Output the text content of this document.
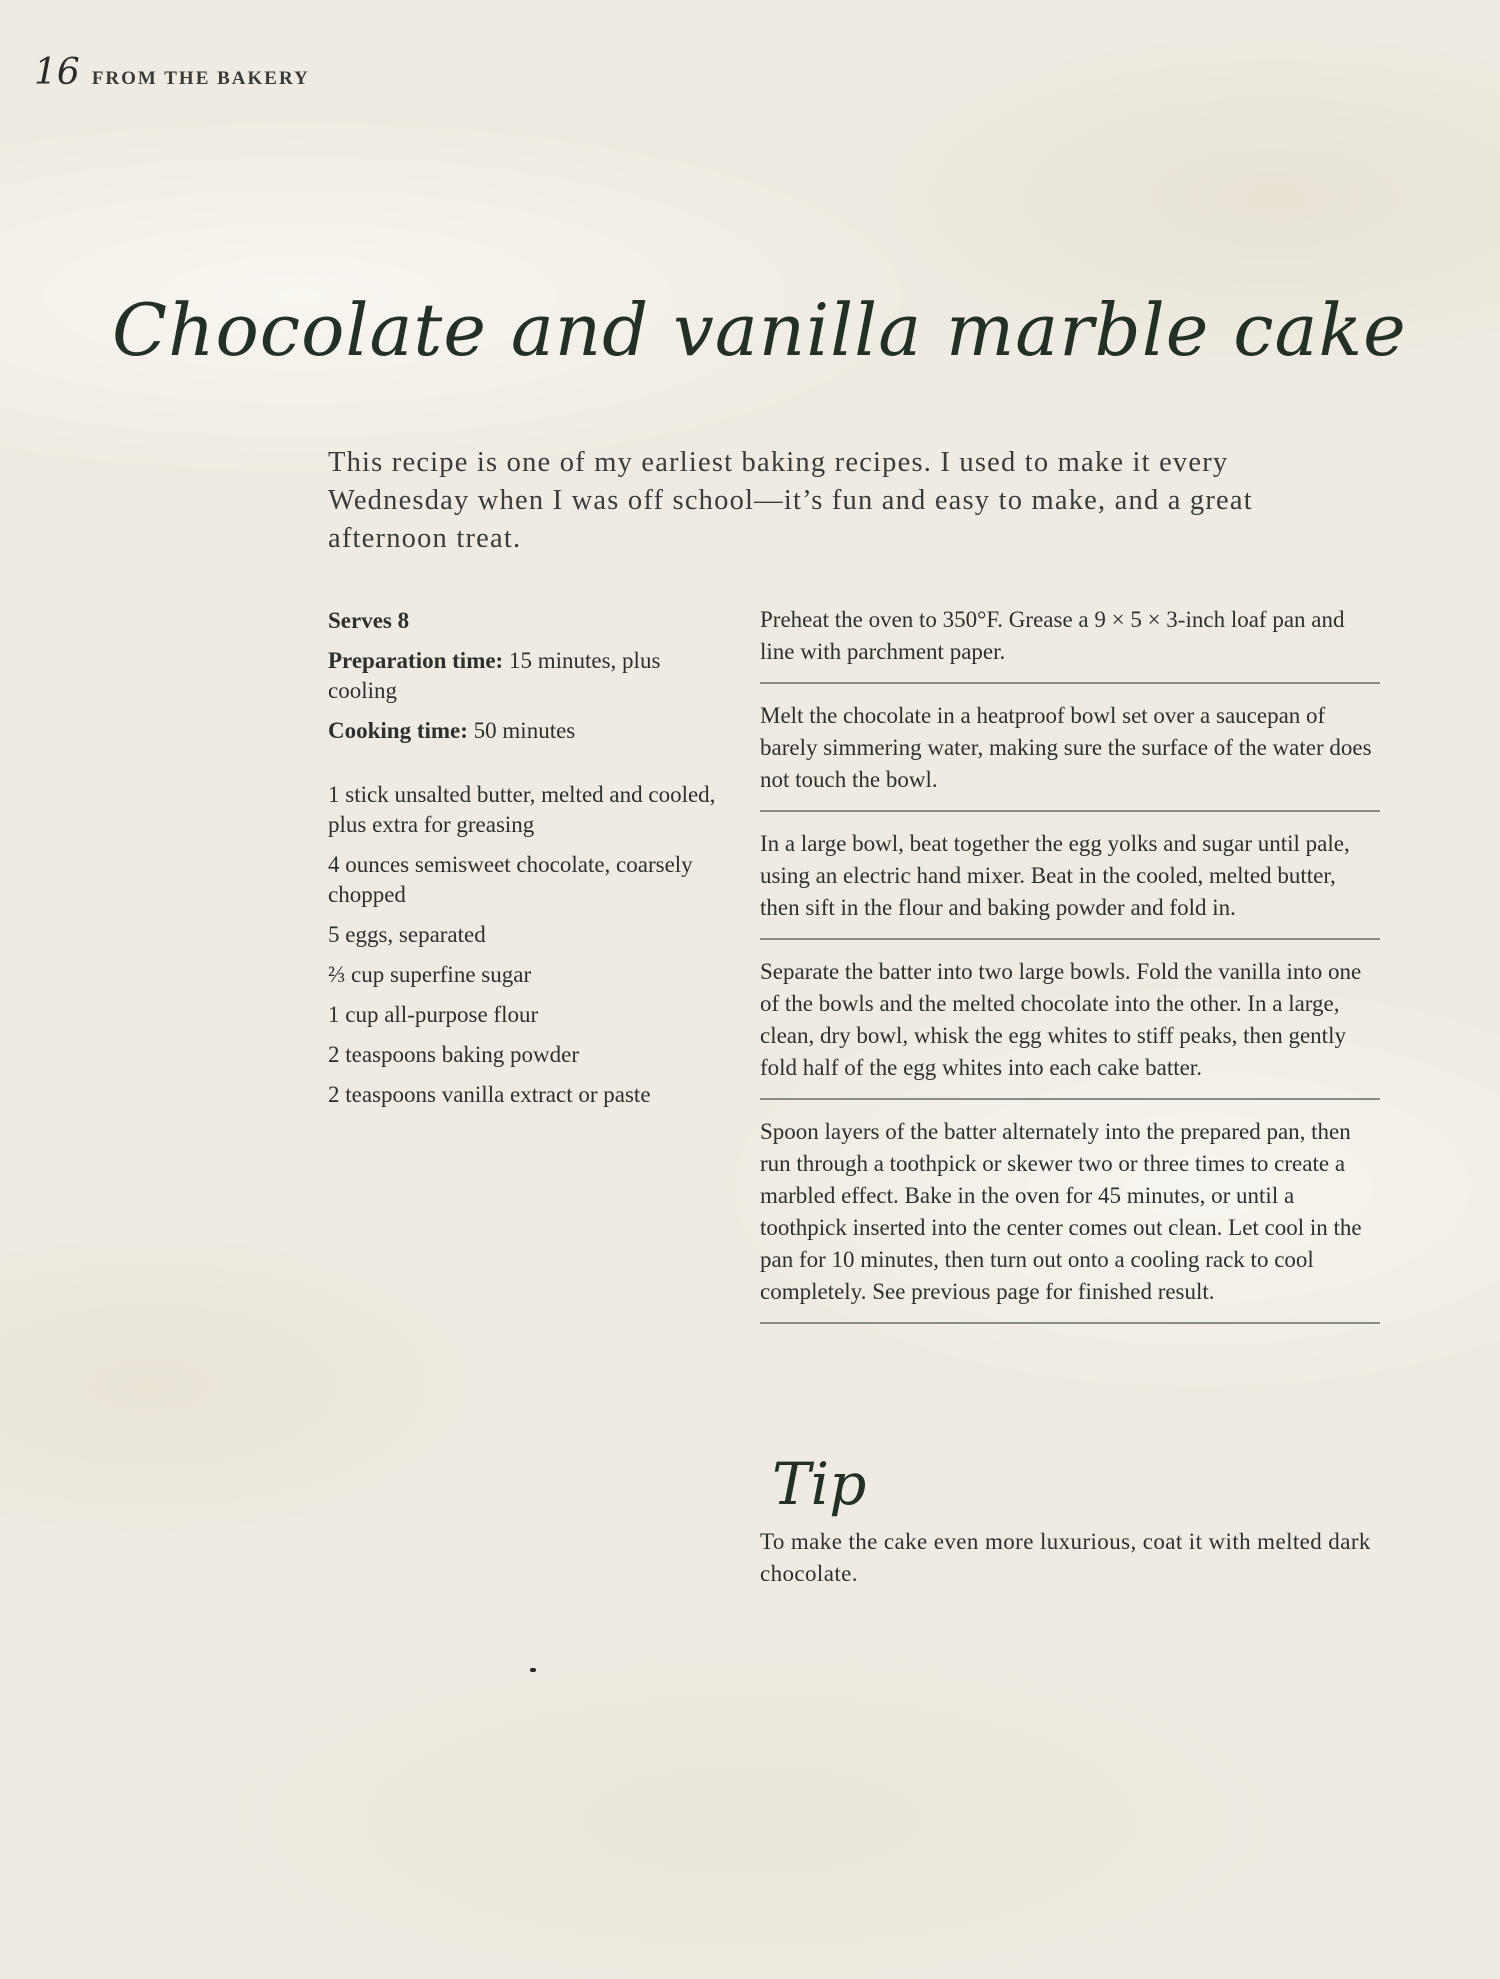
16 FROM THE BAKERY
Chocolate and vanilla marble cake

This recipe is one of my earliest baking recipes. I used to make it every Wednesday when I was off school—it’s fun and easy to make, and a great afternoon treat.

Serves 8

Preparation time: 15 minutes, plus cooling

Cooking time: 50 minutes

1 stick unsalted butter, melted and cooled, plus extra for greasing
4 ounces semisweet chocolate, coarsely chopped
5 eggs, separated
⅔ cup superfine sugar
1 cup all-purpose flour
2 teaspoons baking powder
2 teaspoons vanilla extract or paste

Preheat the oven to 350°F. Grease a 9 × 5 × 3-inch loaf pan and line with parchment paper.

Melt the chocolate in a heatproof bowl set over a saucepan of barely simmering water, making sure the surface of the water does not touch the bowl.

In a large bowl, beat together the egg yolks and sugar until pale, using an electric hand mixer. Beat in the cooled, melted butter, then sift in the flour and baking powder and fold in.

Separate the batter into two large bowls. Fold the vanilla into one of the bowls and the melted chocolate into the other. In a large, clean, dry bowl, whisk the egg whites to stiff peaks, then gently fold half of the egg whites into each cake batter.

Spoon layers of the batter alternately into the prepared pan, then run through a toothpick or skewer two or three times to create a marbled effect. Bake in the oven for 45 minutes, or until a toothpick inserted into the center comes out clean. Let cool in the pan for 10 minutes, then turn out onto a cooling rack to cool completely. See previous page for finished result.

Tip

To make the cake even more luxurious, coat it with melted dark chocolate.
